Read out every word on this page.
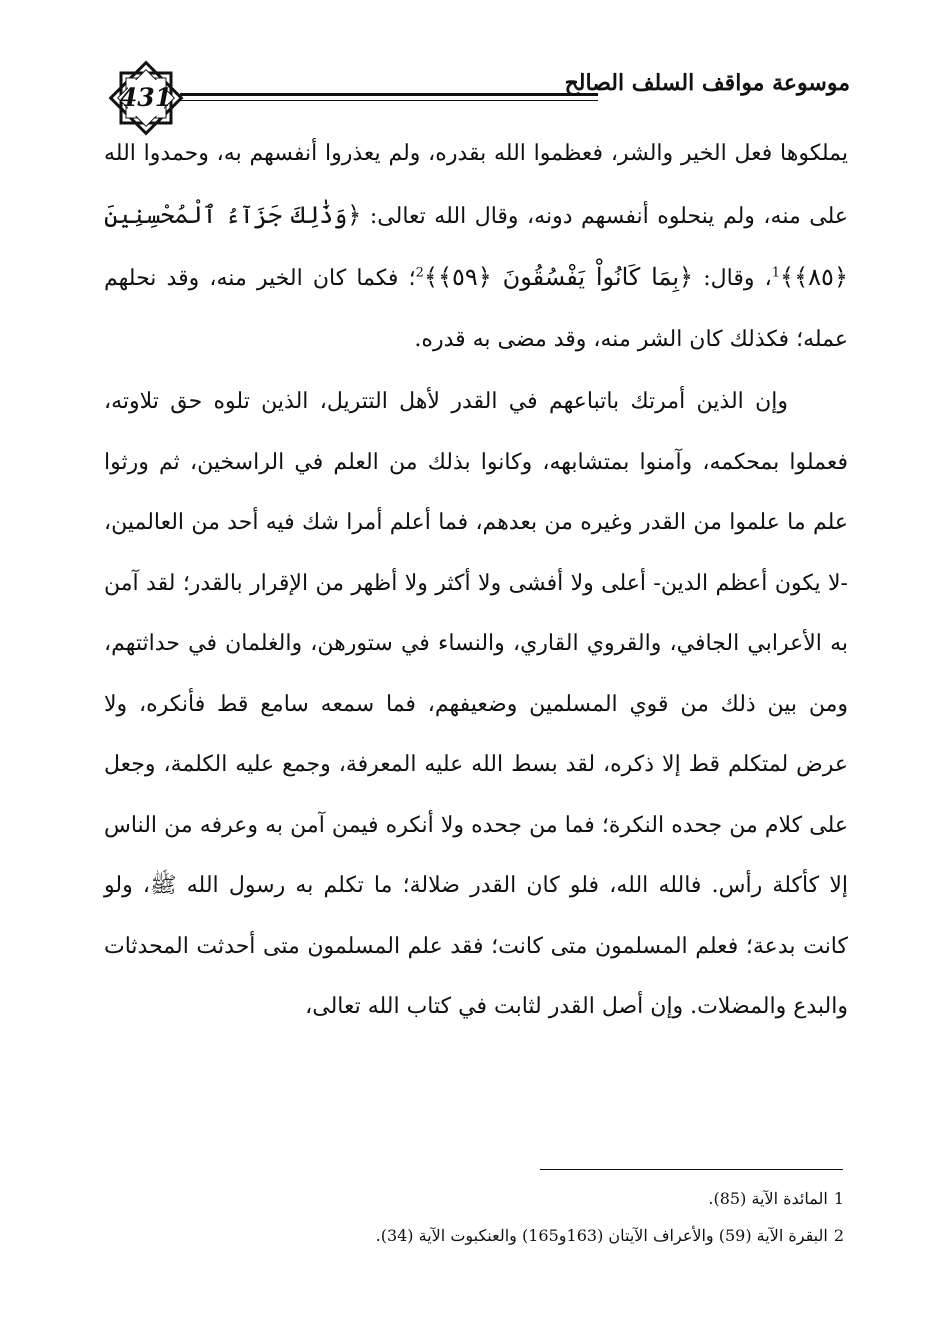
431	موسوعة مواقف السلف الصالح

يملكوها فعل الخير والشر، فعظموا الله بقدره، ولم يعذروا أنفسهم به، وحمدوا الله على منه، ولم ينحلوه أنفسهم دونه، وقال الله تعالى: ﴿وَذَٰلِكَ جَزَآءُ ٱلْمُحْسِنِينَ ﴿٨٥﴾﴾$^1$، وقال: ﴿بِمَا كَانُواْ يَفْسُقُونَ ﴿٥٩﴾﴾$^2$؛ فكما كان الخير منه، وقد نحلهم عمله؛ فكذلك كان الشر منه، وقد مضى به قدره.

وإن الذين أمرتك باتباعهم في القدر لأهل التتريل، الذين تلوه حق تلاوته، فعملوا بمحكمه، وآمنوا بمتشابهه، وكانوا بذلك من العلم في الراسخين، ثم ورثوا علم ما علموا من القدر وغيره من بعدهم، فما أعلم أمرا شك فيه أحد من العالمين، -لا يكون أعظم الدين- أعلى ولا أفشى ولا أكثر ولا أظهر من الإقرار بالقدر؛ لقد آمن به الأعرابي الجافي، والقروي القاري، والنساء في ستورهن، والغلمان في حداثتهم، ومن بين ذلك من قوي المسلمين وضعيفهم، فما سمعه سامع قط فأنكره، ولا عرض لمتكلم قط إلا ذكره، لقد بسط الله عليه المعرفة، وجمع عليه الكلمة، وجعل على كلام من جحده النكرة؛ فما من جحده ولا أنكره فيمن آمن به وعرفه من الناس إلا كأكلة رأس. فالله الله، فلو كان القدر ضلالة؛ ما تكلم به رسول الله ﷺ، ولو كانت بدعة؛ فعلم المسلمون متى كانت؛ فقد علم المسلمون متى أحدثت المحدثات والبدع والمضلات. وإن أصل القدر لثابت في كتاب الله تعالى،

1المائدة الآية (85).
2البقرة الآية (59) والأعراف الآيتان (163و165) والعنكبوت الآية (34).
